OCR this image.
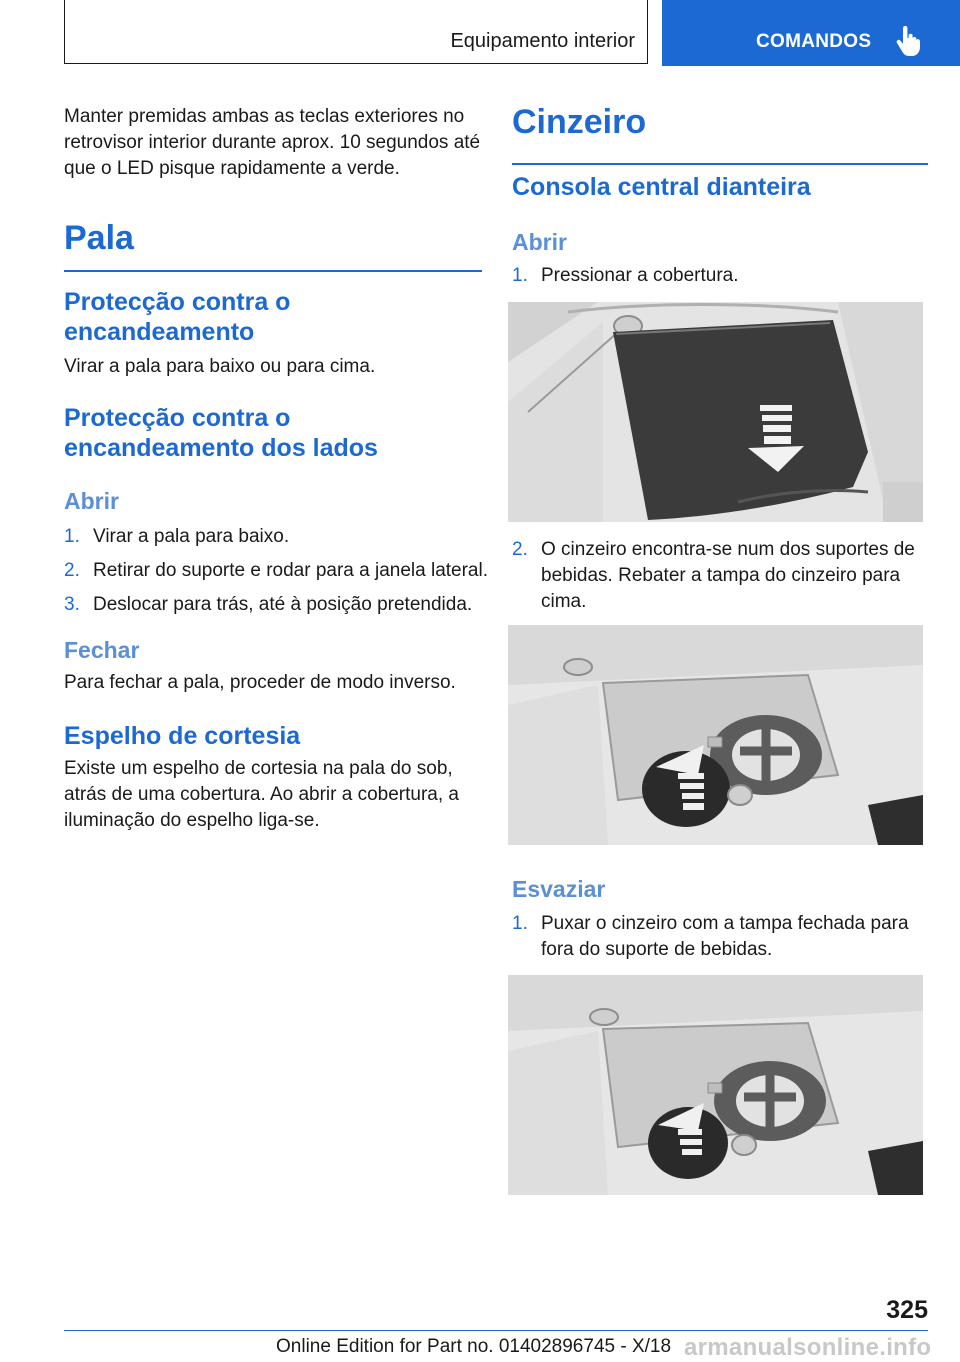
Equipamento interior	COMANDOS

Manter premidas ambas as teclas exteriores no retrovisor interior durante aprox. 10 segundos até que o LED pisque rapidamente a verde.

Pala
Protecção contra o encandeamento

Virar a pala para baixo ou para cima.

Protecção contra o encandeamento dos lados
Abrir
1. Virar a pala para baixo.
2. Retirar do suporte e rodar para a janela lateral.
3. Deslocar para trás, até à posição pretendida.
Fechar

Para fechar a pala, proceder de modo inverso.

Espelho de cortesia

Existe um espelho de cortesia na pala do sob, atrás de uma cobertura. Ao abrir a cobertura, a iluminação do espelho liga-se.

Cinzeiro
Consola central dianteira
Abrir
1. Pressionar a cobertura.
2. O cinzeiro encontra-se num dos suportes de bebidas. Rebater a tampa do cinzeiro para cima.
Esvaziar
1. Puxar o cinzeiro com a tampa fechada para fora do suporte de bebidas.
325
Online Edition for Part no. 01402896745 - X/18 armanualsonline.info
